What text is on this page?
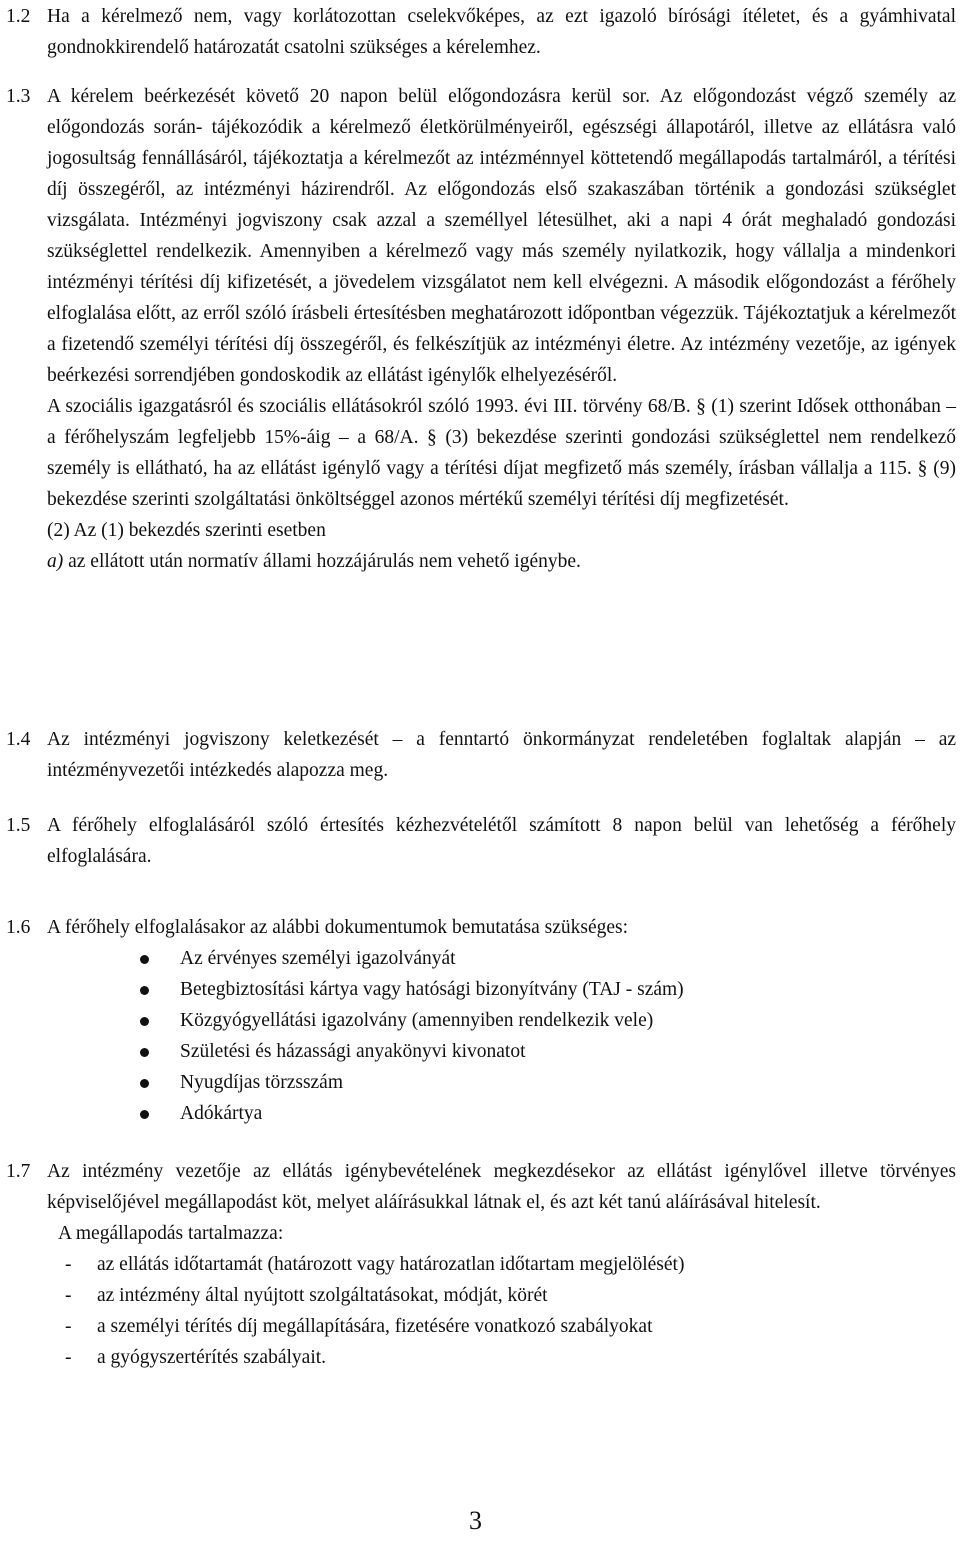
1.2 Ha a kérelmező nem, vagy korlátozottan cselekvőképes, az ezt igazoló bírósági ítéletet, és a gyámhivatal gondnokkirendelő határozatát csatolni szükséges a kérelemhez.

1.3 A kérelem beérkezését követő 20 napon belül előgondozásra kerül sor. Az előgondozást végző személy az előgondozás során- tájékozódik a kérelmező életkörülményeiről, egészségi állapotáról, illetve az ellátásra való jogosultság fennállásáról, tájékoztatja a kérelmezőt az intézménnyel köttetendő megállapodás tartalmáról, a térítési díj összegéről, az intézményi házirendről. Az előgondozás első szakaszában történik a gondozási szükséglet vizsgálata. Intézményi jogviszony csak azzal a személlyel létesülhet, aki a napi 4 órát meghaladó gondozási szükséglettel rendelkezik. Amennyiben a kérelmező vagy más személy nyilatkozik, hogy vállalja a mindenkori intézményi térítési díj kifizetését, a jövedelem vizsgálatot nem kell elvégezni. A második előgondozást a férőhely elfoglalása előtt, az erről szóló írásbeli értesítésben meghatározott időpontban végezzük. Tájékoztatjuk a kérelmezőt a fizetendő személyi térítési díj összegéről, és felkészítjük az intézményi életre. Az intézmény vezetője, az igények beérkezési sorrendjében gondoskodik az ellátást igénylők elhelyezéséről.

A szociális igazgatásról és szociális ellátásokról szóló 1993. évi III. törvény 68/B. § (1) szerint Idősek otthonában – a férőhelyszám legfeljebb 15%-áig – a 68/A. § (3) bekezdése szerinti gondozási szükséglettel nem rendelkező személy is ellátható, ha az ellátást igénylő vagy a térítési díjat megfizető más személy, írásban vállalja a 115. § (9) bekezdése szerinti szolgáltatási önköltséggel azonos mértékű személyi térítési díj megfizetését.

(2) Az (1) bekezdés szerinti esetben

a) az ellátott után normatív állami hozzájárulás nem vehető igénybe.

1.4 Az intézményi jogviszony keletkezését – a fenntartó önkormányzat rendeletében foglaltak alapján – az intézményvezetői intézkedés alapozza meg.

1.5 A férőhely elfoglalásáról szóló értesítés kézhezvételétől számított 8 napon belül van lehetőség a férőhely elfoglalására.

1.6 A férőhely elfoglalásakor az alábbi dokumentumok bemutatása szükséges:

Az érvényes személyi igazolványát
Betegbiztosítási kártya vagy hatósági bizonyítvány (TAJ - szám)
Közgyógyellátási igazolvány (amennyiben rendelkezik vele)
Születési és házassági anyakönyvi kivonatot
Nyugdíjas törzsszám
Adókártya
1.7 Az intézmény vezetője az ellátás igénybevételének megkezdésekor az ellátást igénylővel illetve törvényes képviselőjével megállapodást köt, melyet aláírásukkal látnak el, és azt két tanú aláírásával hitelesít.

A megállapodás tartalmazza:

- az ellátás időtartamát (határozott vagy határozatlan időtartam megjelölését)
- az intézmény által nyújtott szolgáltatásokat, módját, körét
- a személyi térítés díj megállapítására, fizetésére vonatkozó szabályokat
- a gyógyszertérítés szabályait.
3
